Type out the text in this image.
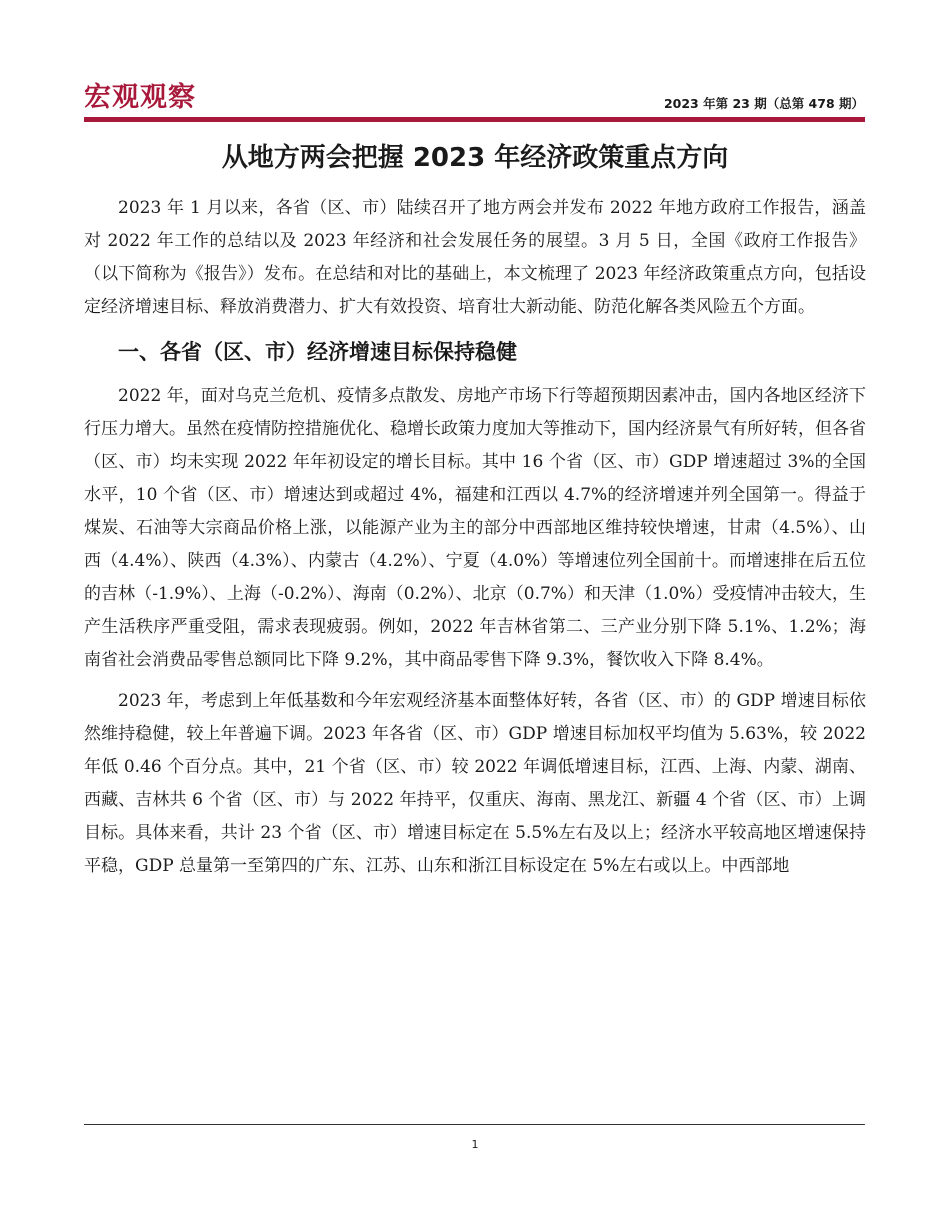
宏观观察	2023 年第 23 期（总第 478 期）
从地方两会把握 2023 年经济政策重点方向

2023 年 1 月以来，各省（区、市）陆续召开了地方两会并发布 2022 年地方政府工作报告，涵盖对 2022 年工作的总结以及 2023 年经济和社会发展任务的展望。3 月 5 日，全国《政府工作报告》（以下简称为《报告》）发布。在总结和对比的基础上，本文梳理了 2023 年经济政策重点方向，包括设定经济增速目标、释放消费潜力、扩大有效投资、培育壮大新动能、防范化解各类风险五个方面。

一、各省（区、市）经济增速目标保持稳健

2022 年，面对乌克兰危机、疫情多点散发、房地产市场下行等超预期因素冲击，国内各地区经济下行压力增大。虽然在疫情防控措施优化、稳增长政策力度加大等推动下，国内经济景气有所好转，但各省（区、市）均未实现 2022 年年初设定的增长目标。其中 16 个省（区、市）GDP 增速超过 3%的全国水平，10 个省（区、市）增速达到或超过 4%，福建和江西以 4.7%的经济增速并列全国第一。得益于煤炭、石油等大宗商品价格上涨，以能源产业为主的部分中西部地区维持较快增速，甘肃（4.5%）、山西（4.4%）、陕西（4.3%）、内蒙古（4.2%）、宁夏（4.0%）等增速位列全国前十。而增速排在后五位的吉林（-1.9%）、上海（-0.2%）、海南（0.2%）、北京（0.7%）和天津（1.0%）受疫情冲击较大，生产生活秩序严重受阻，需求表现疲弱。例如，2022 年吉林省第二、三产业分别下降 5.1%、1.2%；海南省社会消费品零售总额同比下降 9.2%，其中商品零售下降 9.3%，餐饮收入下降 8.4%。

2023 年，考虑到上年低基数和今年宏观经济基本面整体好转，各省（区、市）的 GDP 增速目标依然维持稳健，较上年普遍下调。2023 年各省（区、市）GDP 增速目标加权平均值为 5.63%，较 2022 年低 0.46 个百分点。其中，21 个省（区、市）较 2022 年调低增速目标，江西、上海、内蒙、湖南、西藏、吉林共 6 个省（区、市）与 2022 年持平，仅重庆、海南、黑龙江、新疆 4 个省（区、市）上调目标。具体来看，共计 23 个省（区、市）增速目标定在 5.5%左右及以上；经济水平较高地区增速保持平稳，GDP 总量第一至第四的广东、江苏、山东和浙江目标设定在 5%左右或以上。中西部地

1
